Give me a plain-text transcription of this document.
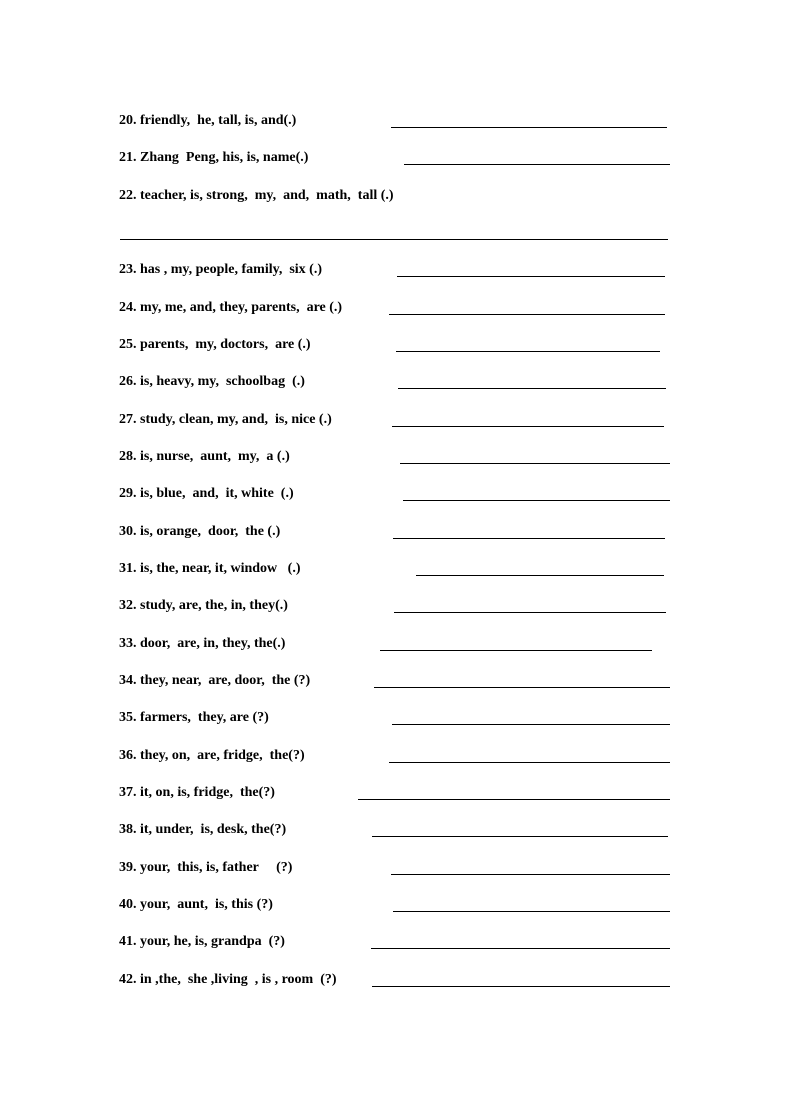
20. friendly,  he, tall, is, and(.)
21. Zhang  Peng, his, is, name(.)
22. teacher, is, strong,  my,  and,  math,  tall (.)
23. has , my, people, family,  six (.)
24. my, me, and, they, parents,  are (.)
25. parents,  my, doctors,  are (.)
26. is, heavy, my,  schoolbag  (.)
27. study, clean, my, and,  is, nice (.)
28. is, nurse,  aunt,  my,  a (.)
29. is, blue,  and,  it, white  (.)
30. is, orange,  door,  the (.)
31. is, the, near, it, window   (.)
32. study, are, the, in, they(.)
33. door,  are, in, they, the(.)
34. they, near,  are, door,  the (?)
35. farmers,  they, are (?)
36. they, on,  are, fridge,  the(?)
37. it, on, is, fridge,  the(?)
38. it, under,  is, desk, the(?)
39. your,  this, is, father     (?)
40. your,  aunt,  is, this (?)
41. your, he, is, grandpa  (?)
42. in ,the,  she ,living  , is , room  (?)
